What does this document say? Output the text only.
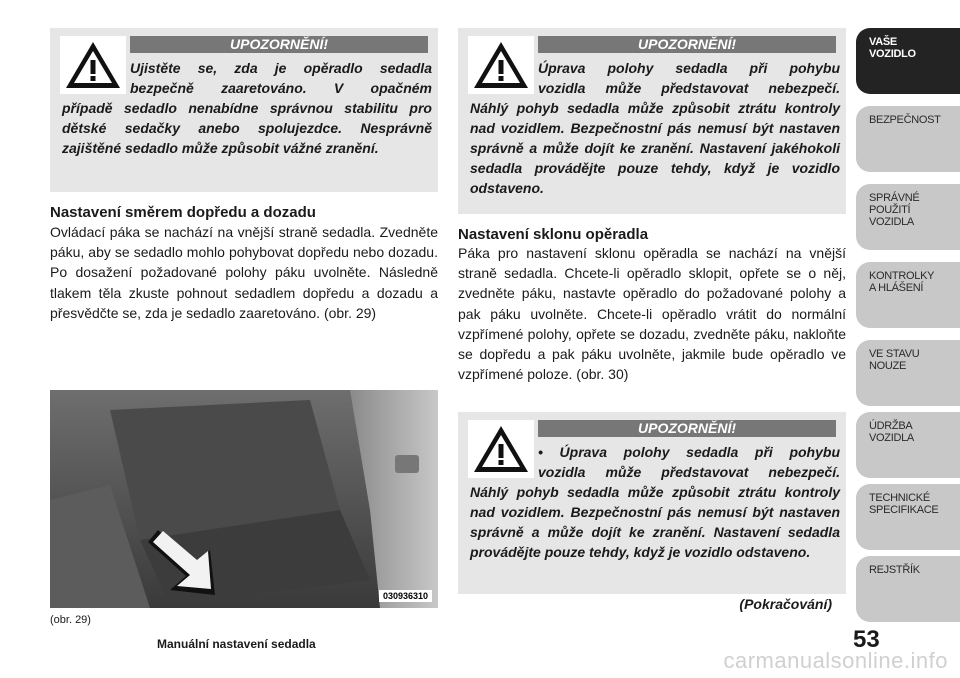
UPOZORNĚNÍ!

Ujistěte se, zda je opěradlo sedadla

bezpečně zaaretováno. V opačném

případě sedadlo nenabídne správnou stabilitu pro dětské sedačky anebo spolujezdce. Nesprávně zajištěné sedadlo může způsobit vážné zranění.

Nastavení směrem dopředu a dozadu

Ovládací páka se nachází na vnější straně sedadla. Zvedněte páku, aby se sedadlo mohlo pohybovat dopředu nebo dozadu. Po dosažení požadované polohy páku uvolněte. Následně tlakem těla zkuste pohnout sedadlem dopředu a dozadu a přesvědčte se, zda je sedadlo zaaretováno. (obr. 29)

030936310
(obr. 29)
Manuální nastavení sedadla
UPOZORNĚNÍ!

Úprava polohy sedadla při pohybu

vozidla může představovat nebezpečí.

Náhlý pohyb sedadla může způsobit ztrátu kontroly nad vozidlem. Bezpečnostní pás nemusí být nastaven správně a může dojít ke zranění. Nastavení jakéhokoli sedadla provádějte pouze tehdy, když je vozidlo odstaveno.

Nastavení sklonu opěradla

Páka pro nastavení sklonu opěradla se nachází na vnější straně sedadla. Chcete-li opěradlo sklopit, opřete se o něj, zvedněte páku, nastavte opěradlo do požadované polohy a pak páku uvolněte. Chcete-li opěradlo vrátit do normální vzpřímené polohy, opřete se dozadu, zvedněte páku, nakloňte se dopředu a pak páku uvolněte, jakmile bude opěradlo ve vzpřímené poloze. (obr. 30)

UPOZORNĚNÍ!

• Úprava polohy sedadla při pohybu

vozidla může představovat nebezpečí.

Náhlý pohyb sedadla může způsobit ztrátu kontroly nad vozidlem. Bezpečnostní pás nemusí být nastaven správně a může dojít ke zranění. Nastavení sedadla provádějte pouze tehdy, když je vozidlo odstaveno.

(Pokračování)
53
VAŠE
VOZIDLO
BEZPEČNOST
SPRÁVNÉ
POUŽITÍ
VOZIDLA
KONTROLKY
A HLÁŠENÍ
VE STAVU
NOUZE
ÚDRŽBA
VOZIDLA
TECHNICKÉ
SPECIFIKACE
REJSTŘÍK
carmanualsonline.info
